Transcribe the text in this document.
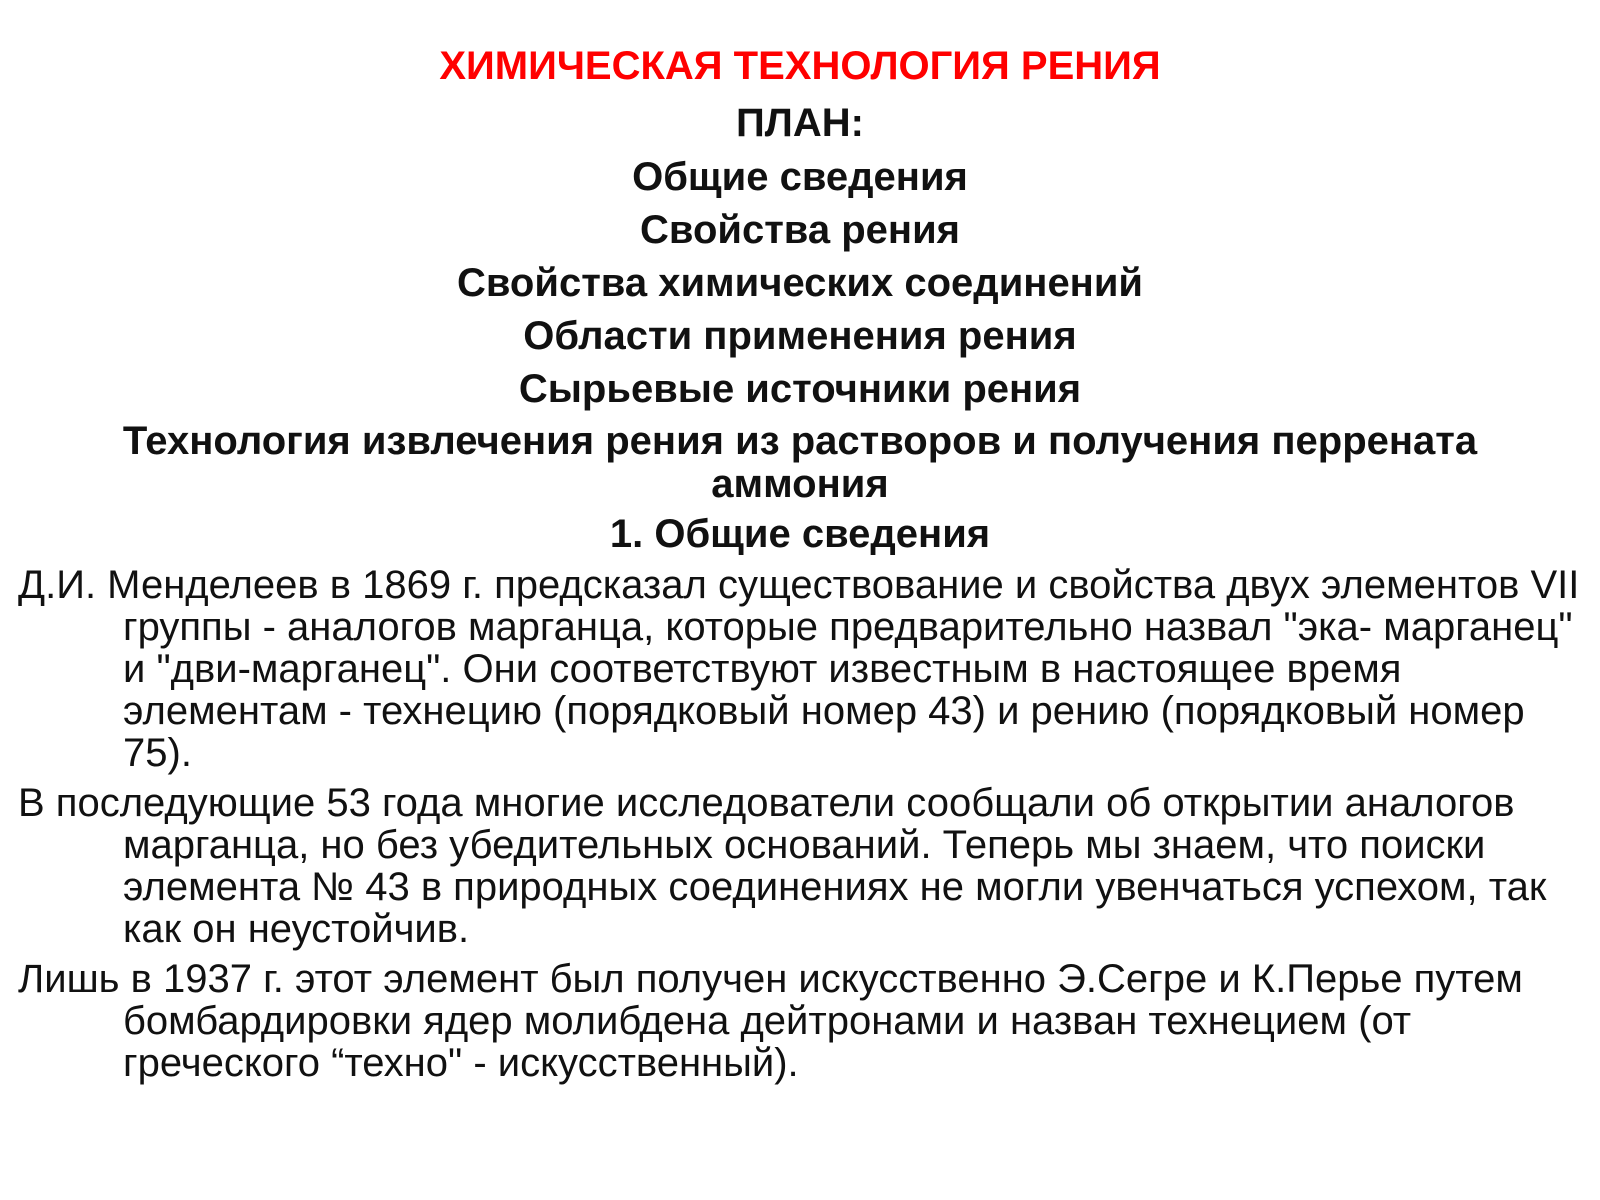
ХИМИЧЕСКАЯ ТЕХНОЛОГИЯ РЕНИЯ
ПЛАН:
Общие сведения
Свойства рения
Свойства химических соединений
Области применения рения
Сырьевые источники рения
Технология извлечения рения из растворов и получения перрената аммония
1. Общие сведения

Д.И. Менделеев в 1869 г. предсказал существование и свойства двух элементов VII группы - аналогов марганца, которые предварительно назвал "эка- марганец" и "дви-марганец". Они соответствуют известным в настоящее время элементам - технецию (порядковый номер 43) и рению (порядковый номер 75).

В последующие 53 года многие исследователи сообщали об открытии аналогов марганца, но без убедительных оснований. Теперь мы знаем, что поиски элемента № 43 в природных соединениях не могли увенчаться успехом, так как он неустойчив.

Лишь в 1937 г. этот элемент был получен искусственно Э.Сегре и К.Перье путем бомбардировки ядер молибдена дейтронами и назван технецием (от греческого “техно" - искусственный).
